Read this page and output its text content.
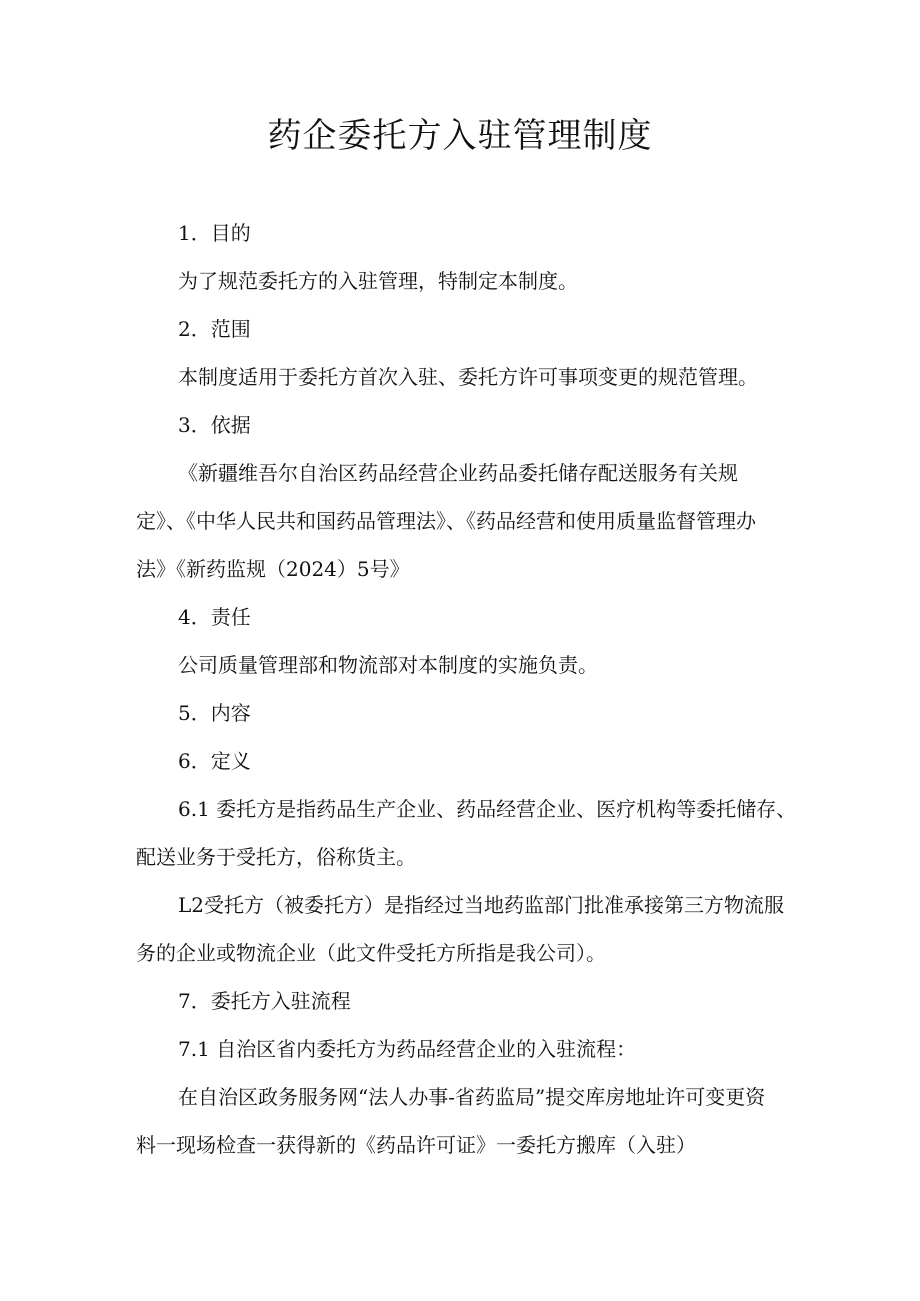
药企委托方入驻管理制度

1．目的

为了规范委托方的入驻管理，特制定本制度。

2．范围

本制度适用于委托方首次入驻、委托方许可事项变更的规范管理。

3．依据

《新疆维吾尔自治区药品经营企业药品委托储存配送服务有关规

定》、《中华人民共和国药品管理法》、《药品经营和使用质量监督管理办

法》《新药监规（2024）5号》

4．责任

公司质量管理部和物流部对本制度的实施负责。

5．内容

6．定义

6.1 委托方是指药品生产企业、药品经营企业、医疗机构等委托储存、

配送业务于受托方，俗称货主。

L2受托方（被委托方）是指经过当地药监部门批准承接第三方物流服

务的企业或物流企业（此文件受托方所指是我公司）。

7．委托方入驻流程

7.1 自治区省内委托方为药品经营企业的入驻流程：

在自治区政务服务网“法人办事-省药监局”提交库房地址许可变更资

料一现场检查一获得新的《药品许可证》一委托方搬库（入驻）
